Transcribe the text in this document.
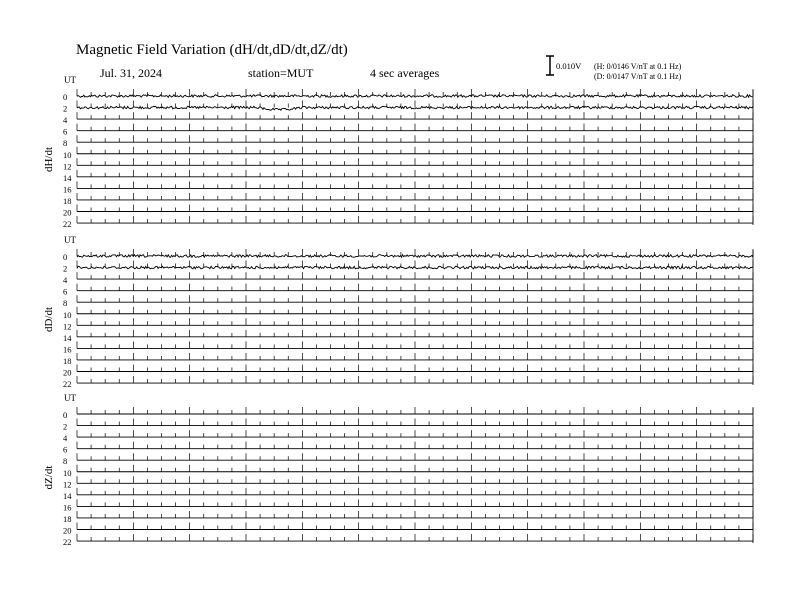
Magnetic Field Variation (dH/dt,dD/dt,dZ/dt)
Jul. 31, 2024	station=MUT	4 sec averages	0.010V (H: 0/0146 V/nT at 0.1 Hz)
(D: 0/0147 V/nT at 0.1 Hz)
UT
dH/dt
0
2
4
6
8
10
12
14
16
18
20
22
UT
dD/dt
0
2
4
6
8
10
12
14
16
18
20
22
UT
dZ/dt
0
2
4
6
8
10
12
14
16
18
20
22
